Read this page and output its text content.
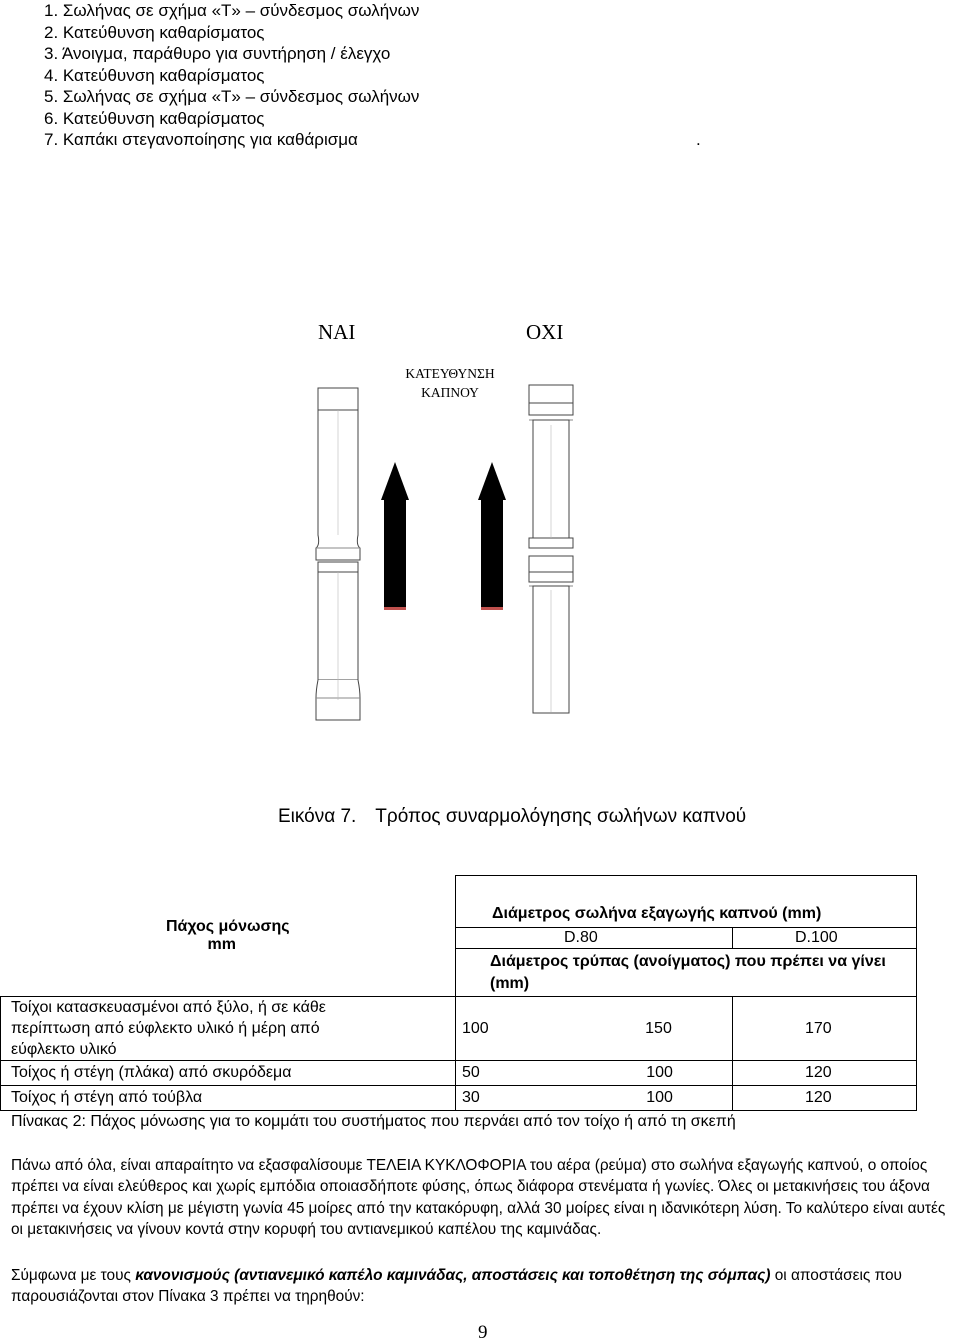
1. Σωλήνας σε σχήμα «Τ» – σύνδεσμος σωλήνων
2. Κατεύθυνση καθαρίσματος
3. Άνοιγμα, παράθυρο για συντήρηση / έλεγχο
4. Κατεύθυνση καθαρίσματος
5. Σωλήνας σε σχήμα «Τ» – σύνδεσμος σωλήνων
6. Κατεύθυνση καθαρίσματος
7. Καπάκι στεγανοποίησης για καθάρισμα	.
ΝΑΙ	ΟΧΙ
ΚΑΤΕΥΘΥΝΣΗ
ΚΑΠΝΟΥ
Εικόνα 7. Τρόπος συναρμολόγησης σωλήνων καπνού
Πάχος μόνωσης
mm	Διάμετρος σωλήνα εξαγωγής καπνού (mm)	
	D.80	D.100

	Διάμετρος τρύπας (ανοίγματος) που πρέπει να γίνει (mm)	

Τοίχοι κατασκευασμένοι από ξύλο, ή σε κάθε περίπτωση από εύφλεκτο υλικό ή μέρη από εύφλεκτο υλικό	100 150	170
Τοίχος ή στέγη (πλάκα) από σκυρόδεμα	50 100	120
Τοίχος ή στέγη από τούβλα	30 100	120
Πίνακας 2: Πάχος μόνωσης για το κομμάτι του συστήματος που περνάει από τον τοίχο ή από τη σκεπή
Πάνω από όλα, είναι απαραίτητο να εξασφαλίσουμε ΤΕΛΕΙΑ ΚΥΚΛΟΦΟΡΙΑ του αέρα (ρεύμα) στο σωλήνα εξαγωγής καπνού, ο οποίος πρέπει να είναι ελεύθερος και χωρίς εμπόδια οποιασδήποτε φύσης, όπως διάφορα στενέματα ή γωνίες. Όλες οι μετακινήσεις του άξονα πρέπει να έχουν κλίση με μέγιστη γωνία 45 μοίρες από την κατακόρυφη, αλλά 30 μοίρες είναι η ιδανικότερη λύση. Το καλύτερο είναι αυτές οι μετακινήσεις να γίνουν κοντά στην κορυφή του αντιανεμικού καπέλου της καμινάδας.
Σύμφωνα με τους κανονισμούς (αντιανεμικό καπέλο καμινάδας, αποστάσεις και τοποθέτηση της σόμπας) οι αποστάσεις που παρουσιάζονται στον Πίνακα 3 πρέπει να τηρηθούν:
9
